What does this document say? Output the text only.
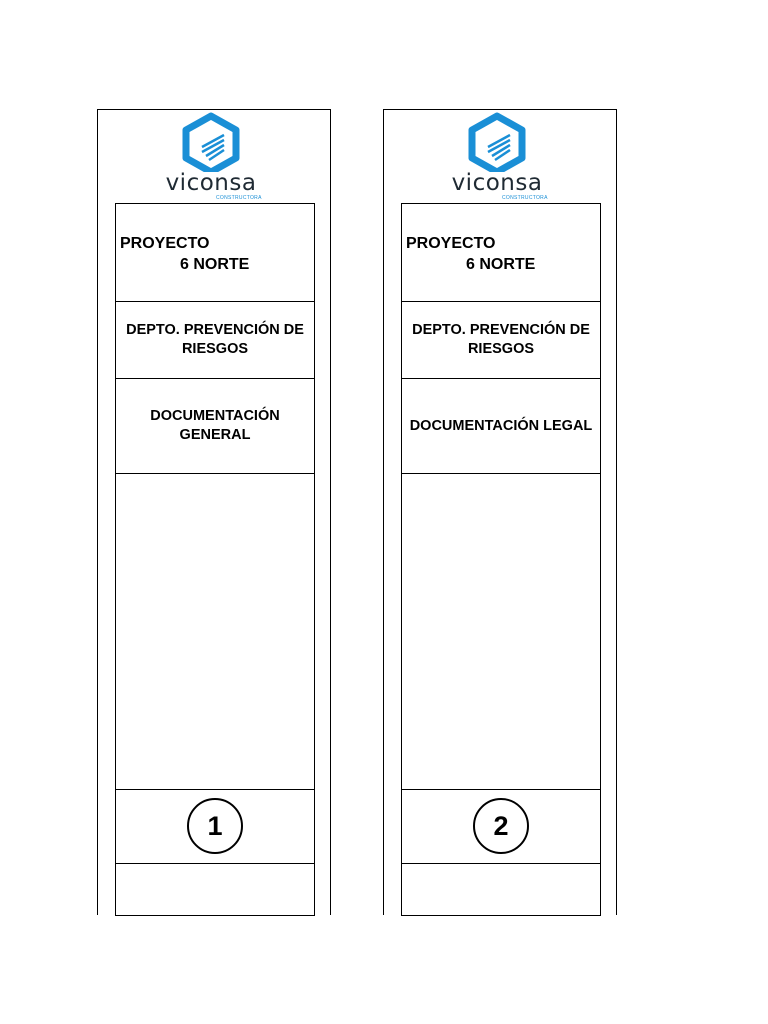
viconsa
CONSTRUCTORA
PROYECTO
6 NORTE
DEPTO. PREVENCIÓN DE RIESGOS
DOCUMENTACIÓN GENERAL
1
viconsa
CONSTRUCTORA
PROYECTO
6 NORTE
DEPTO. PREVENCIÓN DE RIESGOS
DOCUMENTACIÓN LEGAL
2
